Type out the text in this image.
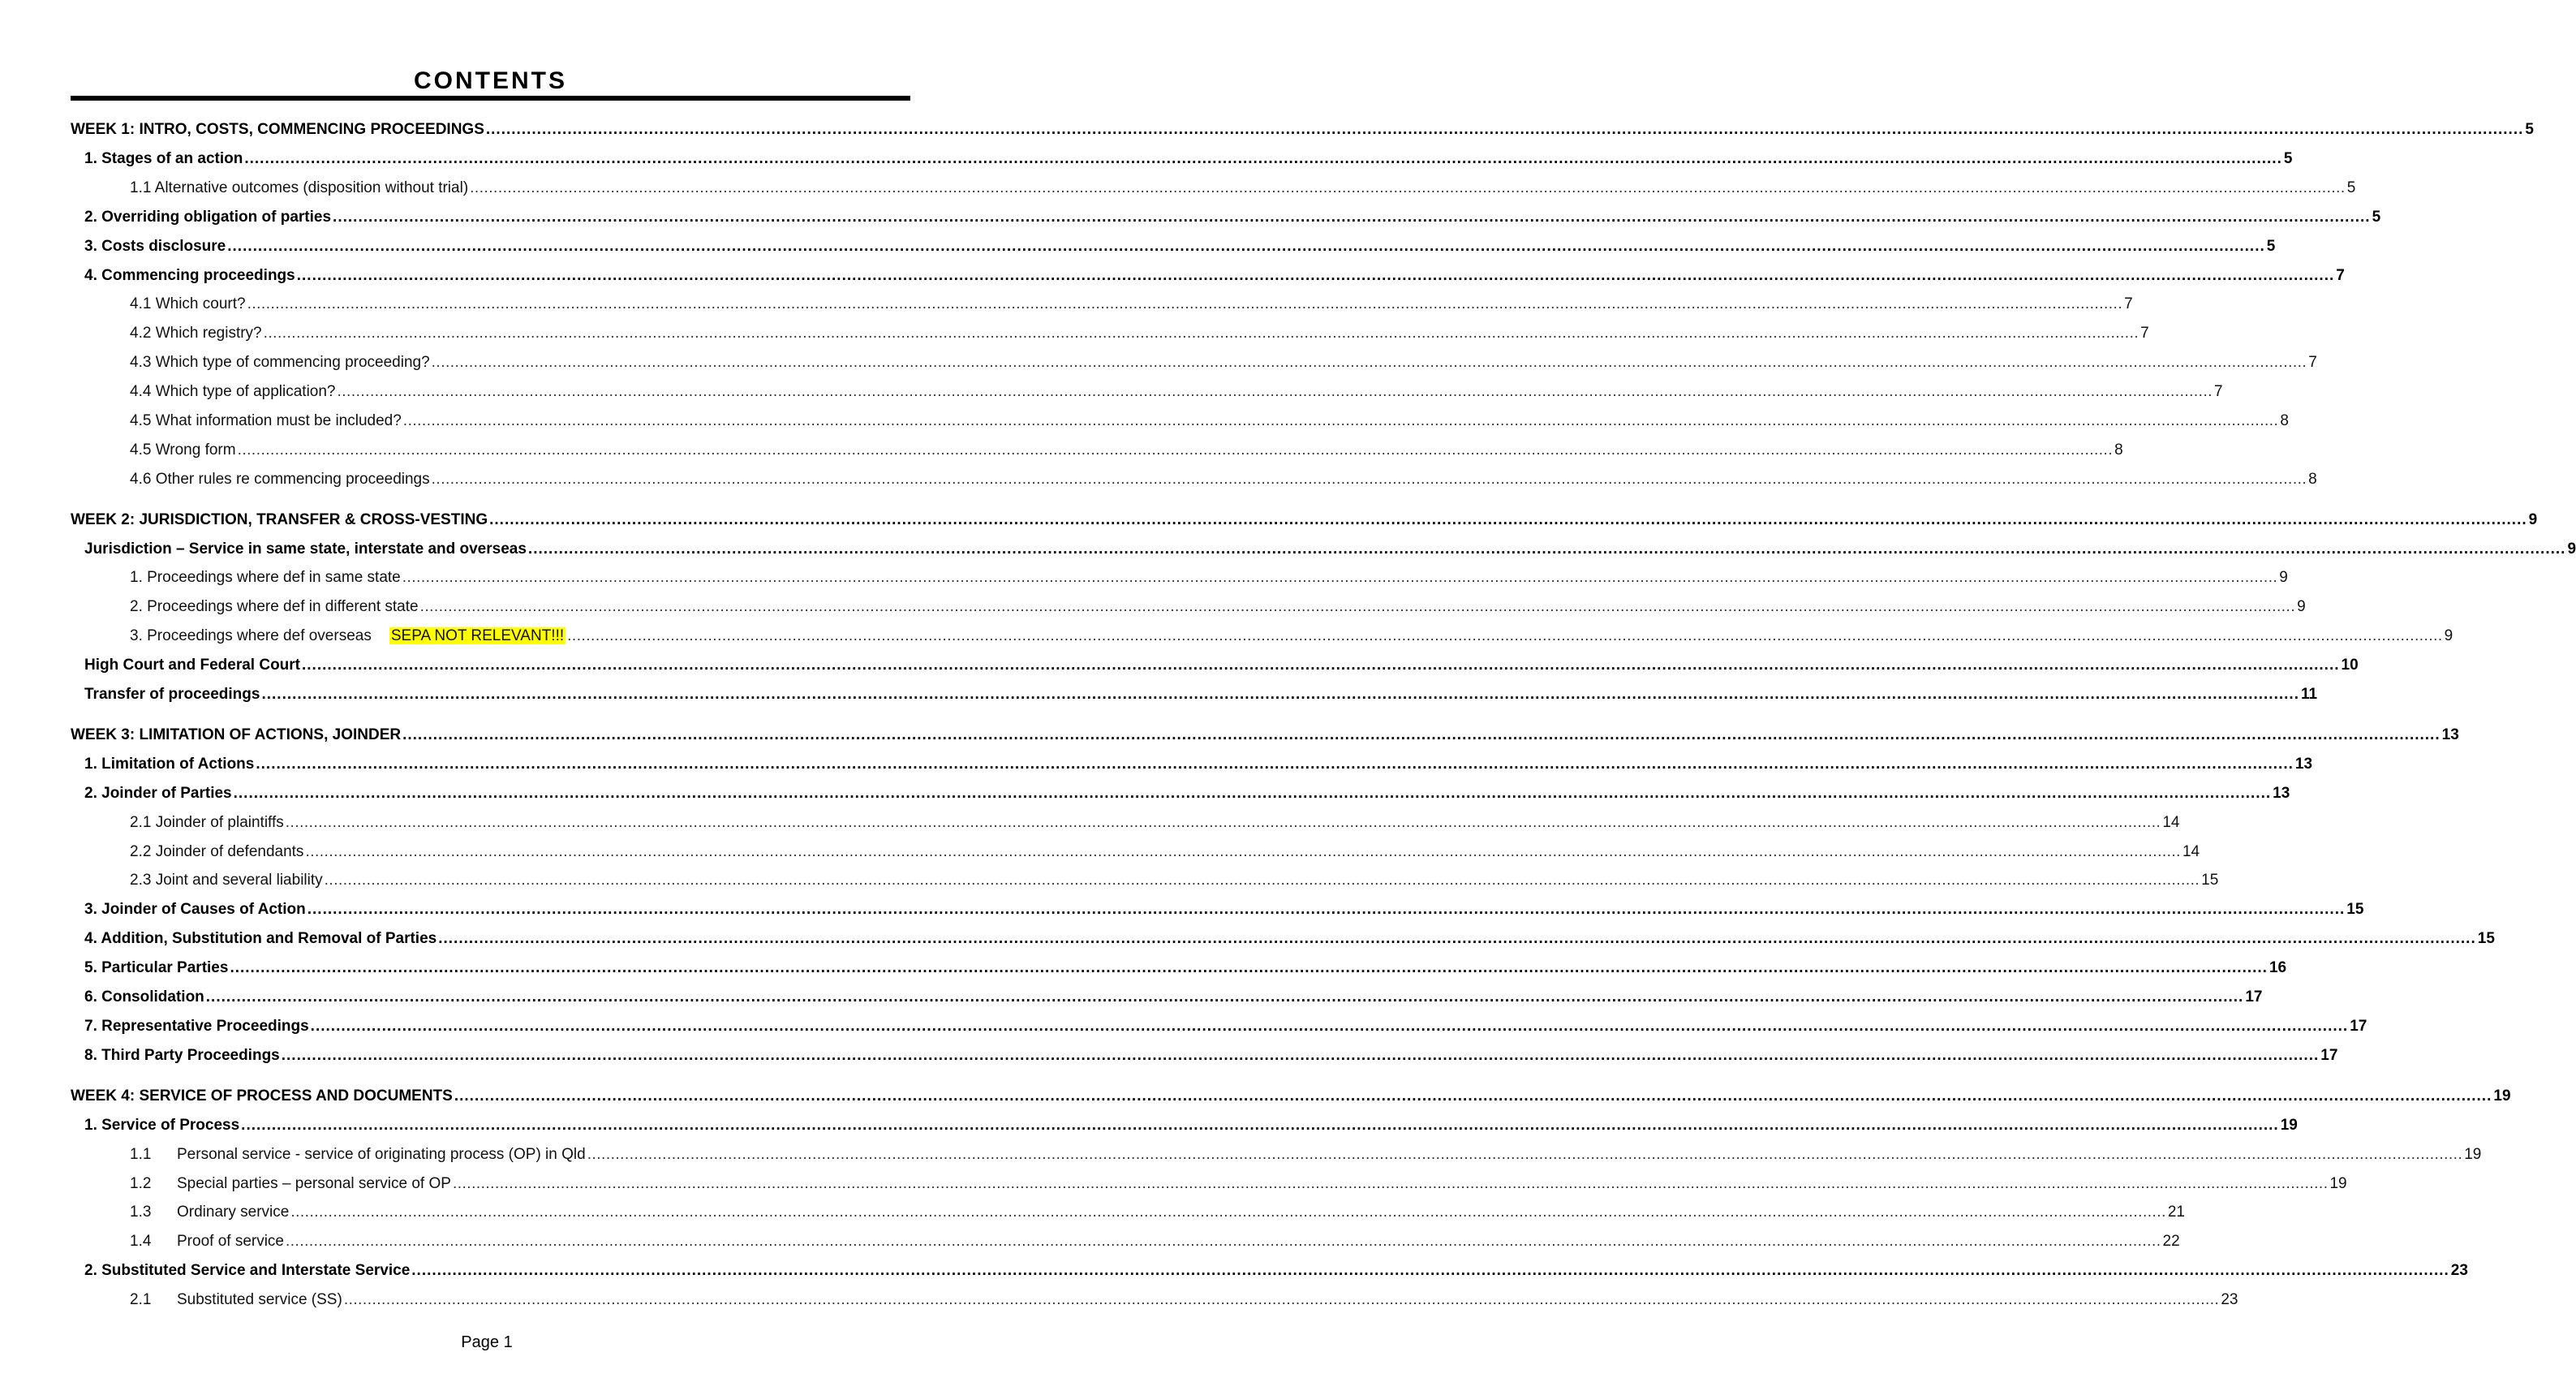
CONTENTS
WEEK 1: INTRO, COSTS, COMMENCING PROCEEDINGS ................................................................................................................................................................................................................................................................................................................................................................................................................ 5
1. Stages of an action ................................................................................................................................................................................................................................................................................................................................................................................................................ 5
1.1 Alternative outcomes (disposition without trial) ................................................................................................................................................................................................................................................................................................................................................................................................................ 5
2. Overriding obligation of parties ................................................................................................................................................................................................................................................................................................................................................................................................................ 5
3. Costs disclosure ................................................................................................................................................................................................................................................................................................................................................................................................................ 5
4. Commencing proceedings ................................................................................................................................................................................................................................................................................................................................................................................................................ 7
4.1 Which court? ................................................................................................................................................................................................................................................................................................................................................................................................................ 7
4.2 Which registry? ................................................................................................................................................................................................................................................................................................................................................................................................................ 7
4.3 Which type of commencing proceeding? ................................................................................................................................................................................................................................................................................................................................................................................................................ 7
4.4 Which type of application? ................................................................................................................................................................................................................................................................................................................................................................................................................ 7
4.5 What information must be included? ................................................................................................................................................................................................................................................................................................................................................................................................................ 8
4.5 Wrong form ................................................................................................................................................................................................................................................................................................................................................................................................................ 8
4.6 Other rules re commencing proceedings ................................................................................................................................................................................................................................................................................................................................................................................................................ 8
WEEK 2: JURISDICTION, TRANSFER & CROSS-VESTING ................................................................................................................................................................................................................................................................................................................................................................................................................ 9
Jurisdiction – Service in same state, interstate and overseas ................................................................................................................................................................................................................................................................................................................................................................................................................ 9
1. Proceedings where def in same state ................................................................................................................................................................................................................................................................................................................................................................................................................ 9
2. Proceedings where def in different state ................................................................................................................................................................................................................................................................................................................................................................................................................ 9
3. Proceedings where def overseas SEPA NOT RELEVANT!!! ................................................................................................................................................................................................................................................................................................................................................................................................................ 9
High Court and Federal Court ................................................................................................................................................................................................................................................................................................................................................................................................................ 10
Transfer of proceedings ................................................................................................................................................................................................................................................................................................................................................................................................................ 11
WEEK 3: LIMITATION OF ACTIONS, JOINDER ................................................................................................................................................................................................................................................................................................................................................................................................................ 13
1. Limitation of Actions ................................................................................................................................................................................................................................................................................................................................................................................................................ 13
2. Joinder of Parties ................................................................................................................................................................................................................................................................................................................................................................................................................ 13
2.1 Joinder of plaintiffs ................................................................................................................................................................................................................................................................................................................................................................................................................ 14
2.2 Joinder of defendants ................................................................................................................................................................................................................................................................................................................................................................................................................ 14
2.3 Joint and several liability ................................................................................................................................................................................................................................................................................................................................................................................................................ 15
3. Joinder of Causes of Action ................................................................................................................................................................................................................................................................................................................................................................................................................ 15
4. Addition, Substitution and Removal of Parties ................................................................................................................................................................................................................................................................................................................................................................................................................ 15
5. Particular Parties ................................................................................................................................................................................................................................................................................................................................................................................................................ 16
6. Consolidation ................................................................................................................................................................................................................................................................................................................................................................................................................ 17
7. Representative Proceedings ................................................................................................................................................................................................................................................................................................................................................................................................................ 17
8. Third Party Proceedings ................................................................................................................................................................................................................................................................................................................................................................................................................ 17
WEEK 4: SERVICE OF PROCESS AND DOCUMENTS ................................................................................................................................................................................................................................................................................................................................................................................................................ 19
1. Service of Process ................................................................................................................................................................................................................................................................................................................................................................................................................ 19
1.1	Personal service - service of originating process (OP) in Qld ................................................................................................................................................................................................................................................................................................................................................................................................................ 19
1.2	Special parties – personal service of OP ................................................................................................................................................................................................................................................................................................................................................................................................................ 19
1.3	Ordinary service ................................................................................................................................................................................................................................................................................................................................................................................................................ 21
1.4	Proof of service ................................................................................................................................................................................................................................................................................................................................................................................................................ 22
2. Substituted Service and Interstate Service ................................................................................................................................................................................................................................................................................................................................................................................................................ 23
2.1	Substituted service (SS) ................................................................................................................................................................................................................................................................................................................................................................................................................ 23
Page 1
